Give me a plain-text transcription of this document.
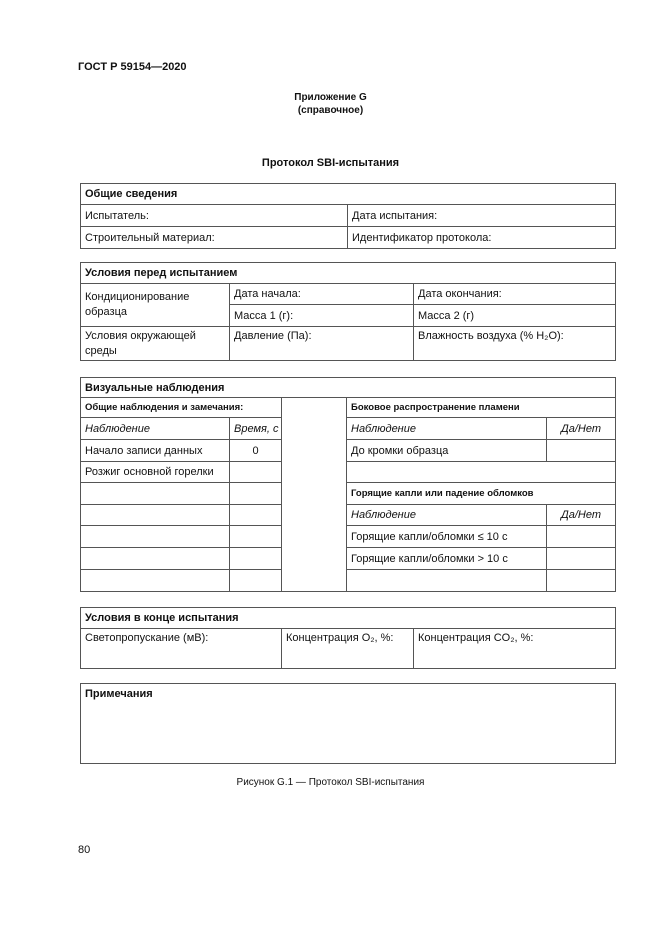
ГОСТ Р 59154—2020
Приложение G
(справочное)
Протокол SBI-испытания
Общие сведения	
Испытатель:	Дата испытания:
Строительный материал:	Идентификатор протокола:
Условия перед испытанием		
Кондиционирование образца	Дата начала:	Дата окончания:
	Масса 1 (г):	Масса 2 (г)
Условия окружающей среды	Давление (Па):	Влажность воздуха (% H₂O):
Визуальные наблюдения				
Общие наблюдения и замечания:			Боковое распространение пламени	
Наблюдение	Время, с		Наблюдение	Да/Нет
Начало записи данных	0		До кромки образца	
Розжиг основной горелки				
			Горящие капли или падение обломков	
			Наблюдение	Да/Нет
			Горящие капли/обломки ≤ 10 с	
			Горящие капли/обломки > 10 с	

Условия в конце испытания
Светопропускание (мВ):	Концентрация O₂, %:	Концентрация CO₂, %:
Примечания
Рисунок G.1 — Протокол SBI-испытания
80
